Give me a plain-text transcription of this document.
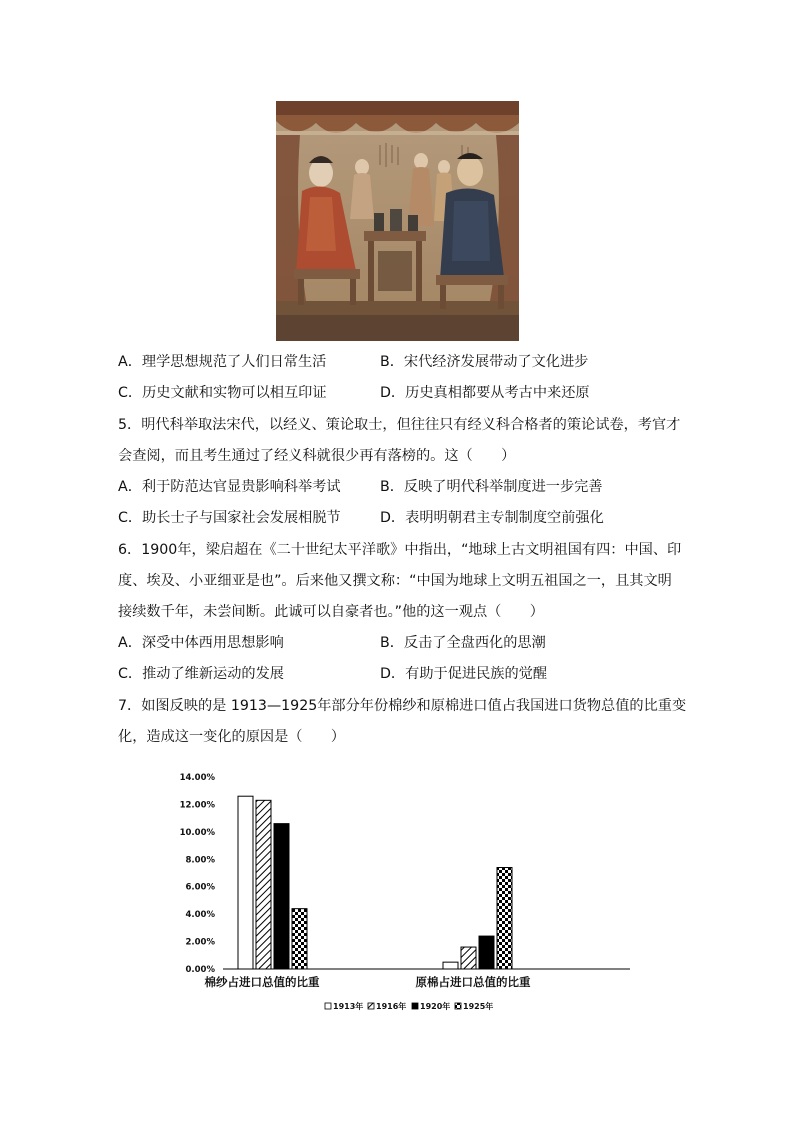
A．理学思想规范了人们日常生活	B．宋代经济发展带动了文化进步
C．历史文献和实物可以相互印证	D．历史真相都要从考古中来还原
5．明代科举取法宋代，以经义、策论取士，但往往只有经义科合格者的策论试卷，考官才
会查阅，而且考生通过了经义科就很少再有落榜的。这（　　）
A．利于防范达官显贵影响科举考试	B．反映了明代科举制度进一步完善
C．助长士子与国家社会发展相脱节	D．表明明朝君主专制制度空前强化
6．1900年，梁启超在《二十世纪太平洋歌》中指出，“地球上古文明祖国有四：中国、印
度、埃及、小亚细亚是也”。后来他又撰文称：“中国为地球上文明五祖国之一，且其文明
接续数千年，未尝间断。此诚可以自豪者也。”他的这一观点（　　）
A．深受中体西用思想影响	B．反击了全盘西化的思潮
C．推动了维新运动的发展	D．有助于促进民族的觉醒
7．如图反映的是 1913—1925年部分年份棉纱和原棉进口值占我国进口货物总值的比重变
化，造成这一变化的原因是（　　）
0.00%
2.00%
4.00%
6.00%
8.00%
10.00%
12.00%
14.00%
棉纱占进口总值的比重	原棉占进口总值的比重
1913年 1916年 1920年 1925年
